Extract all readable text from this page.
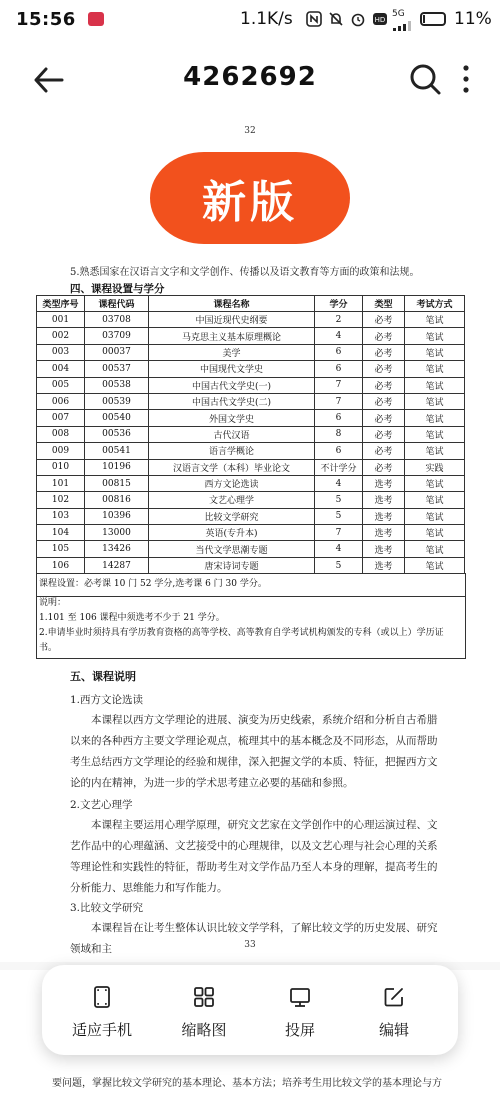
15:56	1.1K/s	HD
5G	11%
4262692
32
新版
5.熟悉国家在汉语言文字和文学创作、传播以及语文教育等方面的政策和法规。
四、课程设置与学分
类型序号	课程代码	课程名称	学分	类型	考试方式
001	03708	中国近现代史纲要	2	必考	笔试
002	03709	马克思主义基本原理概论	4	必考	笔试
003	00037	美学	6	必考	笔试
004	00537	中国现代文学史	6	必考	笔试
005	00538	中国古代文学史(一)	7	必考	笔试
006	00539	中国古代文学史(二)	7	必考	笔试
007	00540	外国文学史	6	必考	笔试
008	00536	古代汉语	8	必考	笔试
009	00541	语言学概论	6	必考	笔试
010	10196	汉语言文学（本科）毕业论文	不计学分	必考	实践
101	00815	西方文论选读	4	选考	笔试
102	00816	文艺心理学	5	选考	笔试
103	10396	比较文学研究	5	选考	笔试
104	13000	英语(专升本)	7	选考	笔试
105	13426	当代文学思潮专题	4	选考	笔试
106	14287	唐宋诗词专题	5	选考	笔试
课程设置：必考课 10 门 52 学分,选考课 6 门 30 学分。
说明：
1.101 至 106 课程中须选考不少于 21 学分。
2.申请毕业时须持具有学历教育资格的高等学校、高等教育自学考试机构颁发的专科（或以上）学历证
书。
五、课程说明
1.西方文论选读
本课程以西方文学理论的进展、演变为历史线索，系统介绍和分析自古希腊以来的各种西方主要文学理论观点，梳理其中的基本概念及不同形态，从而帮助考生总结西方文学理论的经验和规律，深入把握文学的本质、特征，把握西方文论的内在精神，为进一步的学术思考建立必要的基础和参照。
2.文艺心理学
本课程主要运用心理学原理，研究文艺家在文学创作中的心理运演过程、文艺作品中的心理蕴涵、文艺接受中的心理规律，以及文艺心理与社会心理的关系等理论性和实践性的特征，帮助考生对文学作品乃至人本身的理解，提高考生的分析能力、思维能力和写作能力。
3.比较文学研究
本课程旨在让考生整体认识比较文学学科，了解比较文学的历史发展、研究领域和主	33
要问题，掌握比较文学研究的基本理论、基本方法；培养考生用比较文学的基本理论与方
适应手机	缩略图	投屏	编辑
